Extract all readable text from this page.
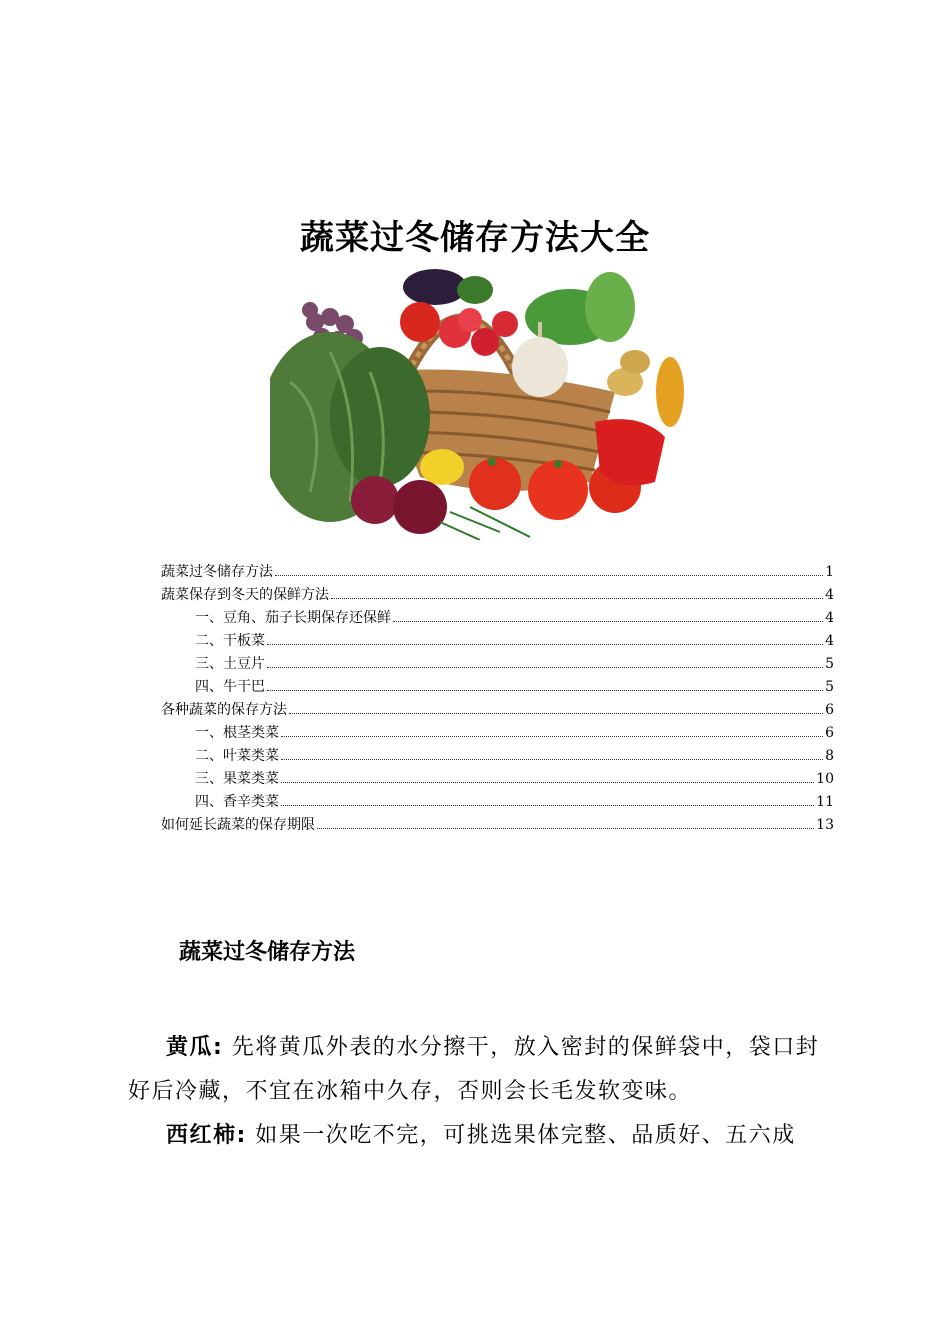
蔬菜过冬储存方法大全
蔬菜过冬储存方法	1
蔬菜保存到冬天的保鲜方法	4
一、豆角、茄子长期保存还保鲜	4
二、干板菜	4
三、土豆片	5
四、牛干巴	5
各种蔬菜的保存方法	6
一、根茎类菜	6
二、叶菜类菜	8
三、果菜类菜	10
四、香辛类菜	11
如何延长蔬菜的保存期限	13
蔬菜过冬储存方法

黄瓜: 先将黄瓜外表的水分擦干，放入密封的保鲜袋中，袋口封好后冷藏，不宜在冰箱中久存，否则会长毛发软变味。

西红柿: 如果一次吃不完，可挑选果体完整、品质好、五六成
